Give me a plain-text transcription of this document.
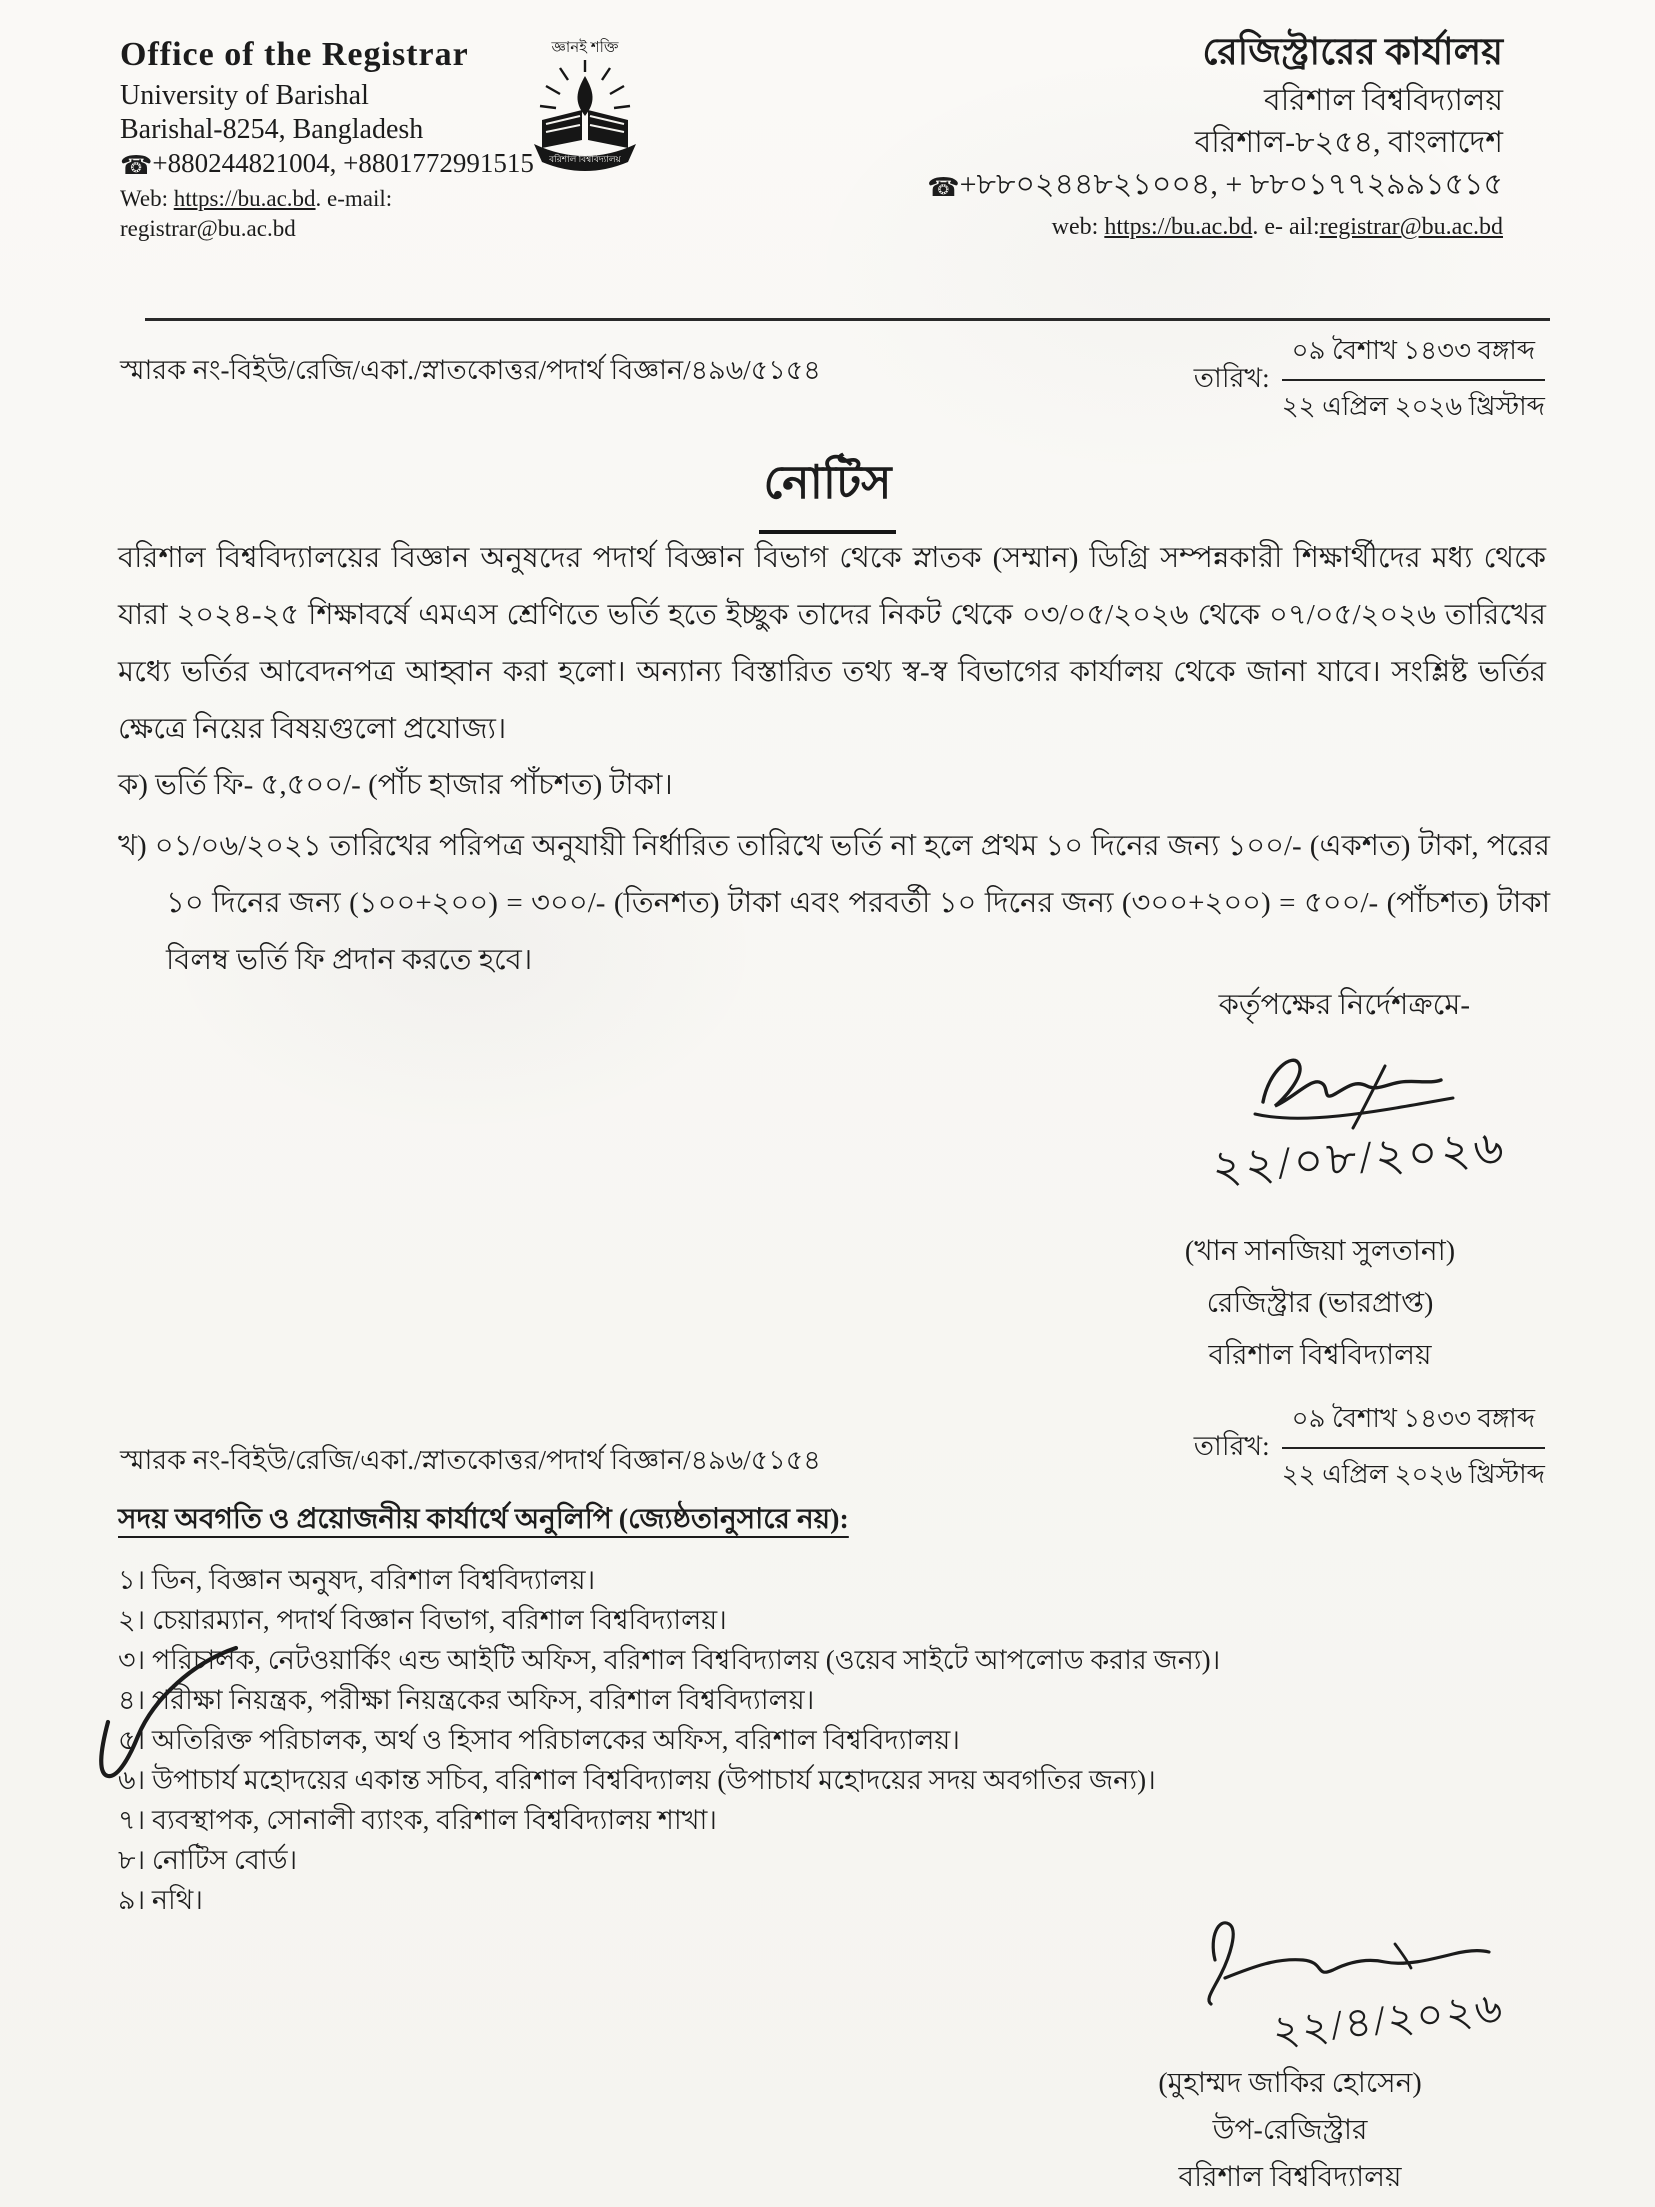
Office of the Registrar
University of Barishal
Barishal-8254, Bangladesh
☎+880244821004, +8801772991515
Web: https://bu.ac.bd. e-mail:
registrar@bu.ac.bd
জ্ঞানই শক্তি
বরিশাল বিশ্ববিদ্যালয়
রেজিস্ট্রারের কার্যালয়
বরিশাল বিশ্ববিদ্যালয়
বরিশাল-৮২৫৪, বাংলাদেশ
☎+৮৮০২৪৪৮২১০০৪, + ৮৮০১৭৭২৯৯১৫১৫
web: https://bu.ac.bd. e- ail:registrar@bu.ac.bd
স্মারক নং-বিইউ/রেজি/একা./স্নাতকোত্তর/পদার্থ বিজ্ঞান/৪৯৬/৫১৫৪	তারিখ: $\frac{\text{০৯ বৈশাখ ১৪৩৩ বঙ্গাব্দ}}{\text{২২ এপ্রিল ২০২৬ খ্রিস্টাব্দ}}$
নোটিস
বরিশাল বিশ্ববিদ্যালয়ের বিজ্ঞান অনুষদের পদার্থ বিজ্ঞান বিভাগ থেকে স্নাতক (সম্মান) ডিগ্রি সম্পন্নকারী শিক্ষার্থীদের মধ্য থেকে যারা ২০২৪-২৫ শিক্ষাবর্ষে এমএস শ্রেণিতে ভর্তি হতে ইচ্ছুক তাদের নিকট থেকে ০৩/০৫/২০২৬ থেকে ০৭/০৫/২০২৬ তারিখের মধ্যে ভর্তির আবেদনপত্র আহ্বান করা হলো। অন্যান্য বিস্তারিত তথ্য স্ব-স্ব বিভাগের কার্যালয় থেকে জানা যাবে। সংশ্লিষ্ট ভর্তির ক্ষেত্রে নিয়ের বিষয়গুলো প্রযোজ্য।
ক) ভর্তি ফি- ৫,৫০০/- (পাঁচ হাজার পাঁচশত) টাকা।
খ) ০১/০৬/২০২১ তারিখের পরিপত্র অনুযায়ী নির্ধারিত তারিখে ভর্তি না হলে প্রথম ১০ দিনের জন্য ১০০/- (একশত) টাকা, পরের ১০ দিনের জন্য (১০০+২০০) = ৩০০/- (তিনশত) টাকা এবং পরবর্তী ১০ দিনের জন্য (৩০০+২০০) = ৫০০/- (পাঁচশত) টাকা বিলম্ব ভর্তি ফি প্রদান করতে হবে।
কর্তৃপক্ষের নির্দেশক্রমে-
২২/০৮/২০২৬
(খান সানজিয়া সুলতানা)
রেজিস্ট্রার (ভারপ্রাপ্ত)
বরিশাল বিশ্ববিদ্যালয়
তারিখ: $\frac{\text{০৯ বৈশাখ ১৪৩৩ বঙ্গাব্দ}}{\text{২২ এপ্রিল ২০২৬ খ্রিস্টাব্দ}}$
স্মারক নং-বিইউ/রেজি/একা./স্নাতকোত্তর/পদার্থ বিজ্ঞান/৪৯৬/৫১৫৪
সদয় অবগতি ও প্রয়োজনীয় কার্যার্থে অনুলিপি (জ্যেষ্ঠতানুসারে নয়):
১। ডিন, বিজ্ঞান অনুষদ, বরিশাল বিশ্ববিদ্যালয়।
২। চেয়ারম্যান, পদার্থ বিজ্ঞান বিভাগ, বরিশাল বিশ্ববিদ্যালয়।
৩। পরিচালক, নেটওয়ার্কিং এন্ড আইটি অফিস, বরিশাল বিশ্ববিদ্যালয় (ওয়েব সাইটে আপলোড করার জন্য)।
৪। পরীক্ষা নিয়ন্ত্রক, পরীক্ষা নিয়ন্ত্রকের অফিস, বরিশাল বিশ্ববিদ্যালয়।
৫। অতিরিক্ত পরিচালক, অর্থ ও হিসাব পরিচালকের অফিস, বরিশাল বিশ্ববিদ্যালয়।
৬। উপাচার্য মহোদয়ের একান্ত সচিব, বরিশাল বিশ্ববিদ্যালয় (উপাচার্য মহোদয়ের সদয় অবগতির জন্য)।
৭। ব্যবস্থাপক, সোনালী ব্যাংক, বরিশাল বিশ্ববিদ্যালয় শাখা।
৮। নোটিস বোর্ড।
৯। নথি।
২২/৪/২০২৬
(মুহাম্মদ জাকির হোসেন)
উপ-রেজিস্ট্রার
বরিশাল বিশ্ববিদ্যালয়
